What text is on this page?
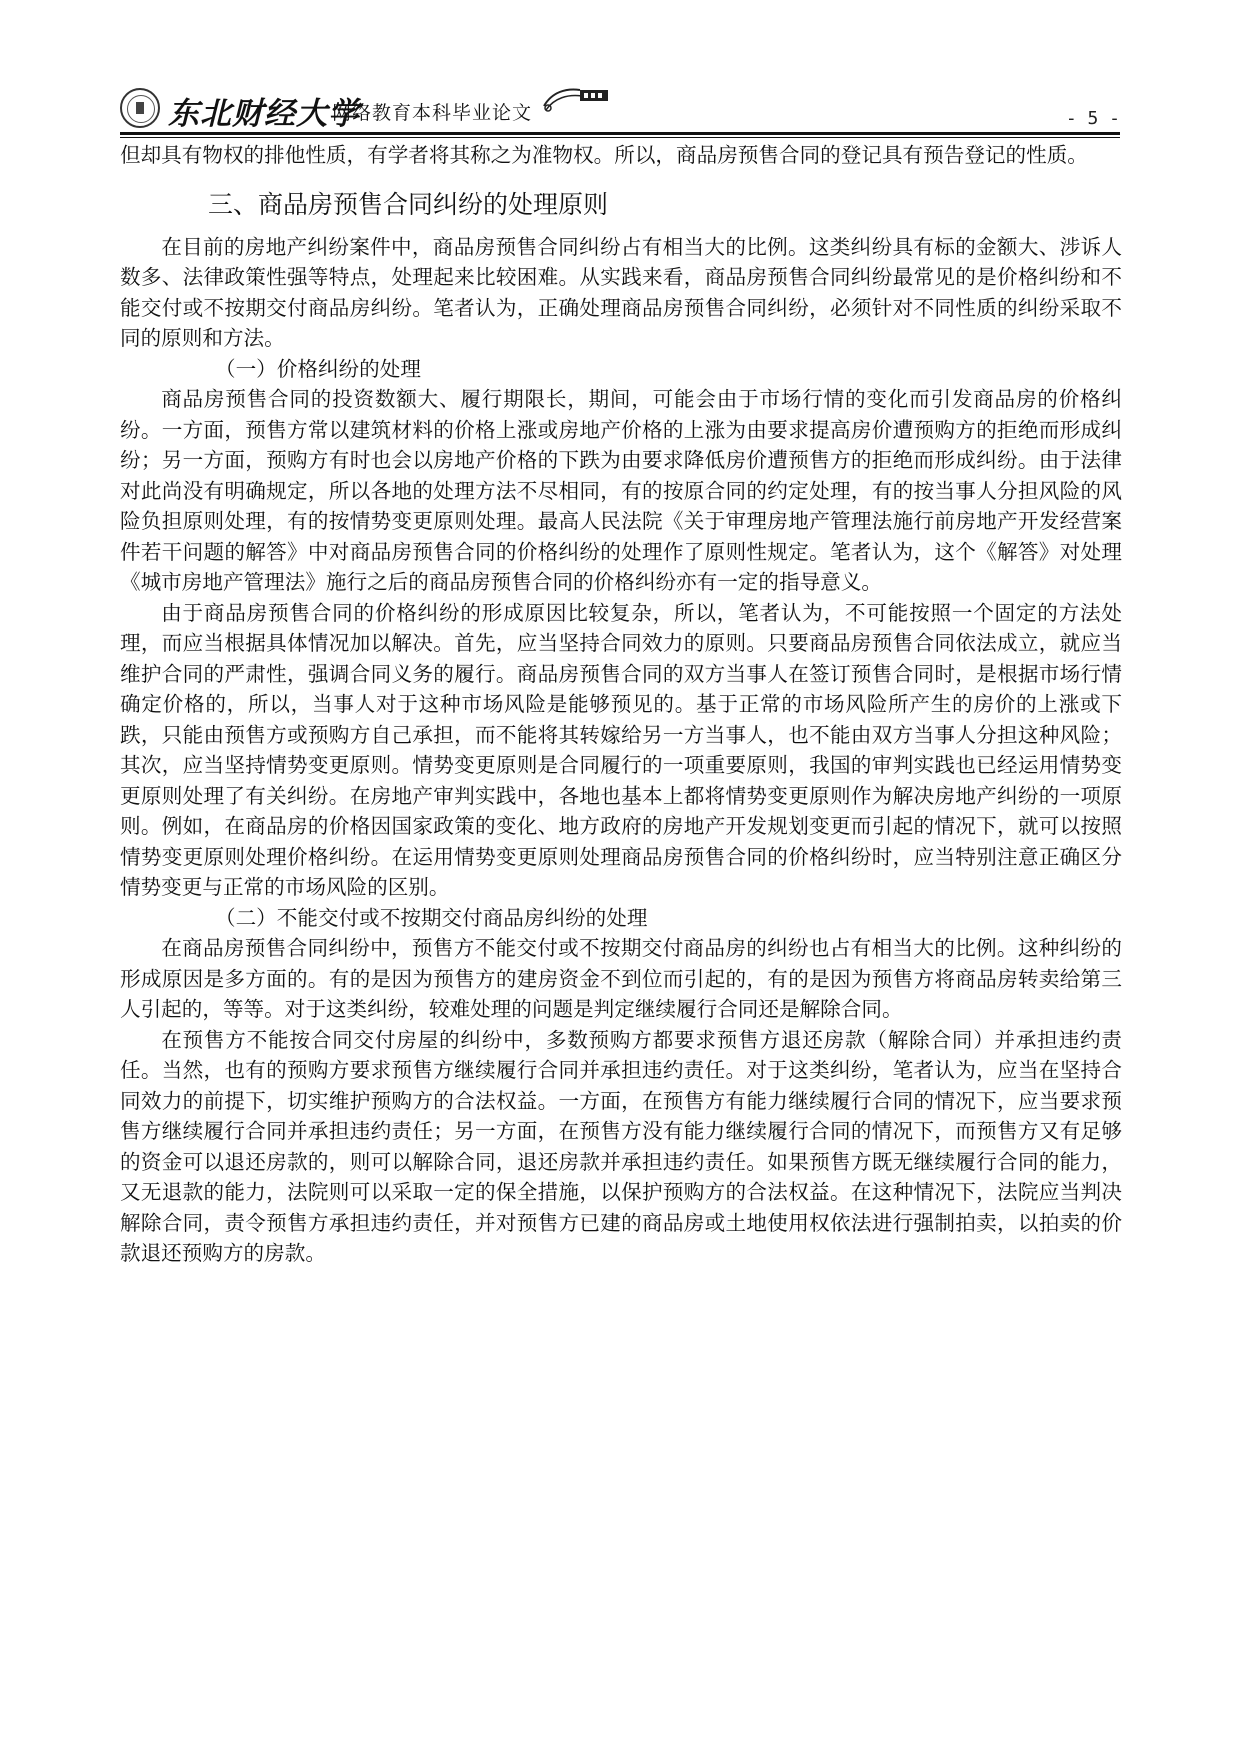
东北财经大学
网络教育本科毕业论文	- 5 -

但却具有物权的排他性质，有学者将其称之为准物权。所以，商品房预售合同的登记具有预告登记的性质。

三、商品房预售合同纠纷的处理原则

在目前的房地产纠纷案件中，商品房预售合同纠纷占有相当大的比例。这类纠纷具有标的金额大、涉诉人数多、法律政策性强等特点，处理起来比较困难。从实践来看，商品房预售合同纠纷最常见的是价格纠纷和不能交付或不按期交付商品房纠纷。笔者认为，正确处理商品房预售合同纠纷，必须针对不同性质的纠纷采取不同的原则和方法。

（一）价格纠纷的处理

商品房预售合同的投资数额大、履行期限长，期间，可能会由于市场行情的变化而引发商品房的价格纠纷。一方面，预售方常以建筑材料的价格上涨或房地产价格的上涨为由要求提高房价遭预购方的拒绝而形成纠纷；另一方面，预购方有时也会以房地产价格的下跌为由要求降低房价遭预售方的拒绝而形成纠纷。由于法律对此尚没有明确规定，所以各地的处理方法不尽相同，有的按原合同的约定处理，有的按当事人分担风险的风险负担原则处理，有的按情势变更原则处理。最高人民法院《关于审理房地产管理法施行前房地产开发经营案件若干问题的解答》中对商品房预售合同的价格纠纷的处理作了原则性规定。笔者认为，这个《解答》对处理《城市房地产管理法》施行之后的商品房预售合同的价格纠纷亦有一定的指导意义。

由于商品房预售合同的价格纠纷的形成原因比较复杂，所以，笔者认为，不可能按照一个固定的方法处理，而应当根据具体情况加以解决。首先，应当坚持合同效力的原则。只要商品房预售合同依法成立，就应当维护合同的严肃性，强调合同义务的履行。商品房预售合同的双方当事人在签订预售合同时，是根据市场行情确定价格的，所以，当事人对于这种市场风险是能够预见的。基于正常的市场风险所产生的房价的上涨或下跌，只能由预售方或预购方自己承担，而不能将其转嫁给另一方当事人，也不能由双方当事人分担这种风险；其次，应当坚持情势变更原则。情势变更原则是合同履行的一项重要原则，我国的审判实践也已经运用情势变更原则处理了有关纠纷。在房地产审判实践中，各地也基本上都将情势变更原则作为解决房地产纠纷的一项原则。例如，在商品房的价格因国家政策的变化、地方政府的房地产开发规划变更而引起的情况下，就可以按照情势变更原则处理价格纠纷。在运用情势变更原则处理商品房预售合同的价格纠纷时，应当特别注意正确区分情势变更与正常的市场风险的区别。

（二）不能交付或不按期交付商品房纠纷的处理

在商品房预售合同纠纷中，预售方不能交付或不按期交付商品房的纠纷也占有相当大的比例。这种纠纷的形成原因是多方面的。有的是因为预售方的建房资金不到位而引起的，有的是因为预售方将商品房转卖给第三人引起的，等等。对于这类纠纷，较难处理的问题是判定继续履行合同还是解除合同。

在预售方不能按合同交付房屋的纠纷中，多数预购方都要求预售方退还房款（解除合同）并承担违约责任。当然，也有的预购方要求预售方继续履行合同并承担违约责任。对于这类纠纷，笔者认为，应当在坚持合同效力的前提下，切实维护预购方的合法权益。一方面，在预售方有能力继续履行合同的情况下，应当要求预售方继续履行合同并承担违约责任；另一方面，在预售方没有能力继续履行合同的情况下，而预售方又有足够的资金可以退还房款的，则可以解除合同，退还房款并承担违约责任。如果预售方既无继续履行合同的能力，又无退款的能力，法院则可以采取一定的保全措施，以保护预购方的合法权益。在这种情况下，法院应当判决解除合同，责令预售方承担违约责任，并对预售方已建的商品房或土地使用权依法进行强制拍卖，以拍卖的价款退还预购方的房款。
